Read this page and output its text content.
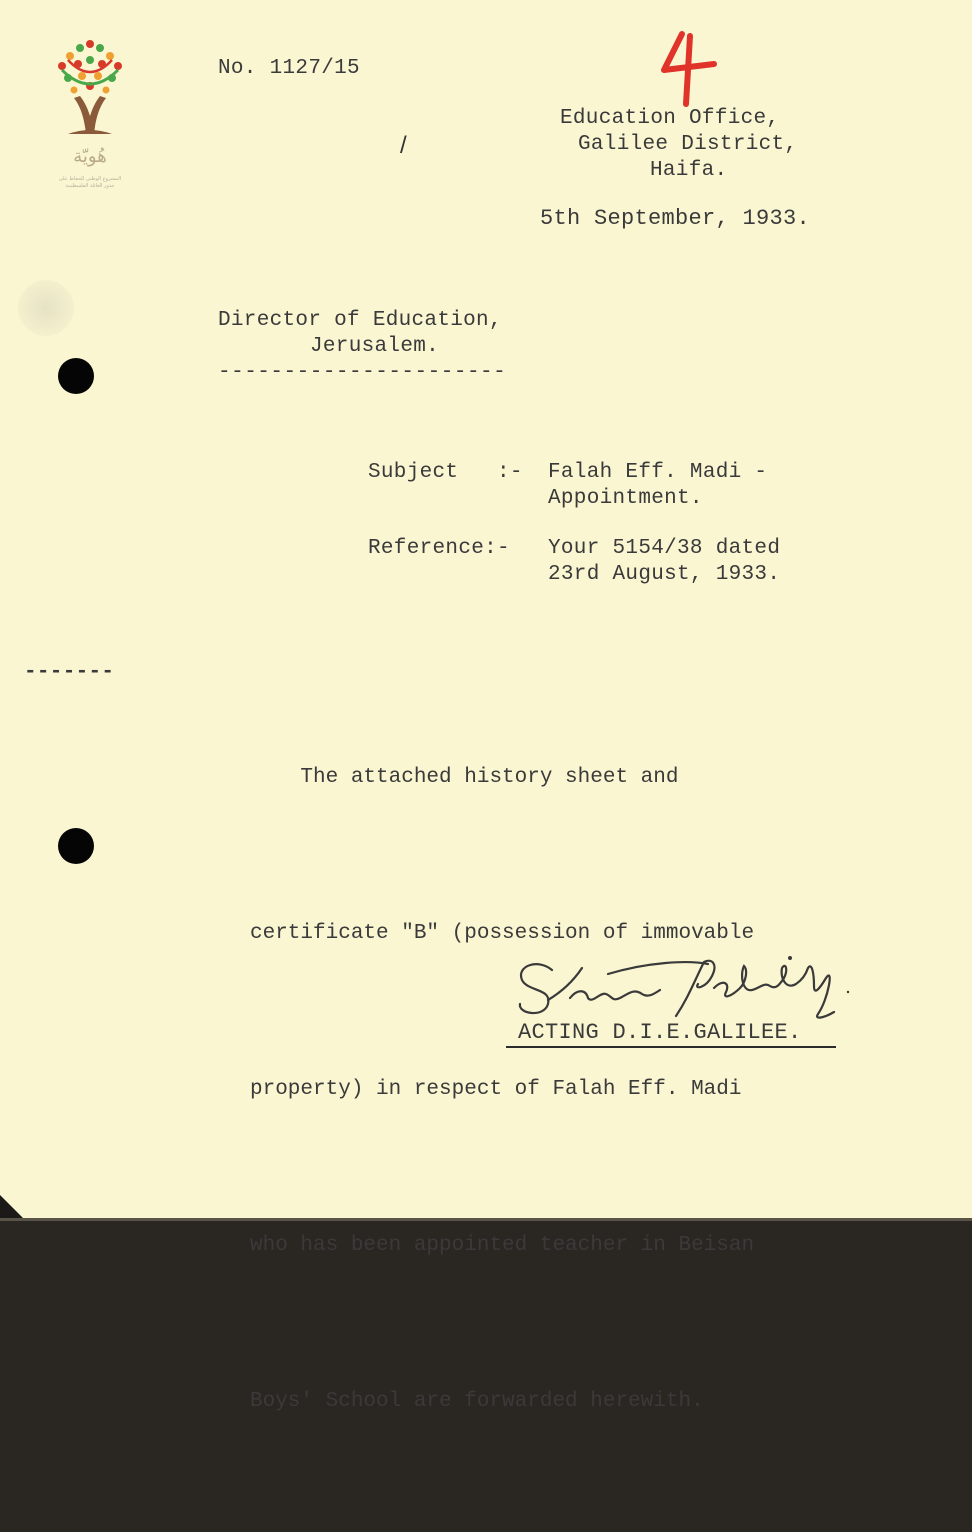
هُويّة
المشروع الوطني للحفاظ على
جذور العائلة الفلسطينية
No. 1127/15
4
Education Office,
Galilee District,
Haifa.
/
5th September, 1933.
Director of Education,
Jerusalem.
----------------------
Subject   :- Falah Eff. Madi -
Appointment.
Reference:- Your 5154/38 dated
23rd August, 1933.
-------

The attached history sheet and

certificate "B" (possession of immovable

property) in respect of Falah Eff. Madi

who has been appointed teacher in Beisan

Boys' School are forwarded herewith.

Sharee Pradushely ACTING D.I.E.GALILEE.
